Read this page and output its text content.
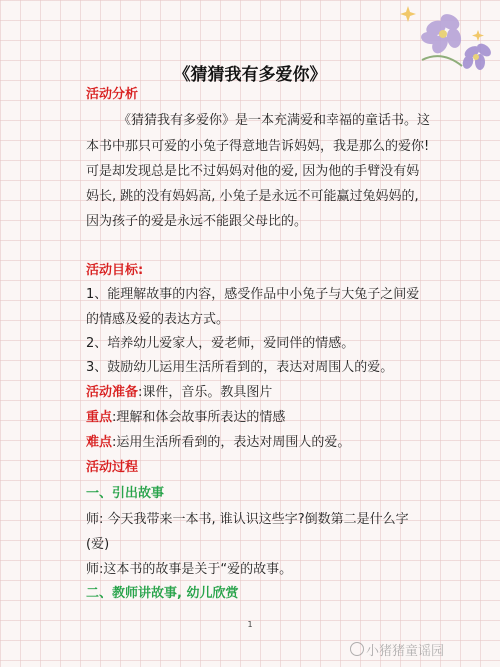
《猜猜我有多爱你》
活动分析
《猜猜我有多爱你》是一本充满爱和幸福的童话书。这
本书中那只可爱的小兔子得意地告诉妈妈，我是那么的爱你!
可是却发现总是比不过妈妈对他的爱, 因为他的手臂没有妈
妈长, 跳的没有妈妈高, 小兔子是永远不可能赢过兔妈妈的,
因为孩子的爱是永远不能跟父母比的。
活动目标:
1、能理解故事的内容，感受作品中小兔子与大兔子之间爱
的情感及爱的表达方式。
2、培养幼儿爱家人，爱老师，爱同伴的情感。
3、鼓励幼儿运用生活所看到的，表达对周围人的爱。
活动准备:课件，音乐。教具图片
重点:理解和体会故事所表达的情感
难点:运用生活所看到的，表达对周围人的爱。
活动过程
一、引出故事
师: 今天我带来一本书, 谁认识这些字?倒数第二是什么字
(爱)
师:这本书的故事是关于“爱的故事。
二、教师讲故事, 幼儿欣赏
1
小猪猪童谣园
